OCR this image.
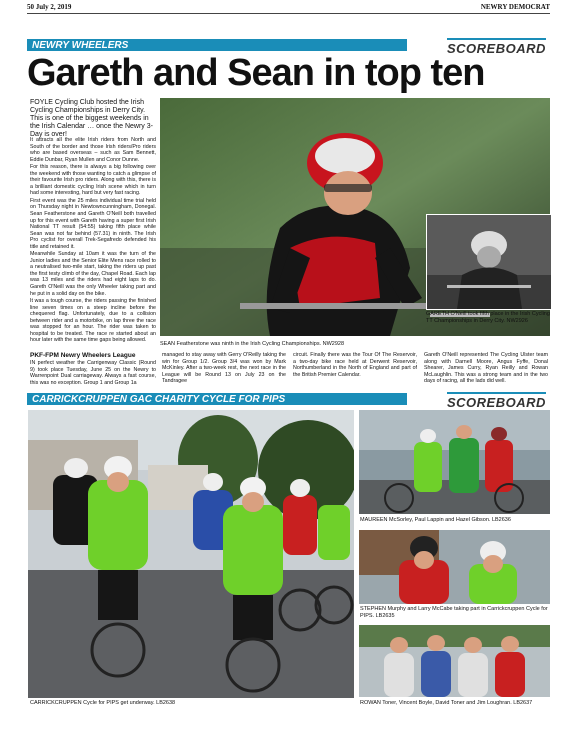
50 July 2, 2019	NEWRY DEMOCRAT
NEWRY WHEELERS	SCOREBOARD
Gareth and Sean in top ten
FOYLE Cycling Club hosted the Irish Cycling Championships in Derry City. This is one of the biggest weekends in the Irish Calendar … once the Newry 3-Day is over!

It attracts all the elite Irish riders from North and South of the border and those Irish riders/Pro riders who are based overseas – such as Sam Bennett, Eddie Dunbar, Ryan Mullen and Conor Dunne.

For this reason, there is always a big following over the weekend with those wanting to catch a glimpse of their favourite Irish pro riders. Along with this, there is a brilliant domestic cycling Irish scene which in turn had some interesting, hard but very fast racing.

First event was the 25 miles individual time trial held on Thursday night in Newtowncunningham, Donegal. Sean Featherstone and Gareth O'Neill both travelled up for this event with Gareth having a super first Irish National TT result (54:55) taking fifth place while Sean was not far behind (57.31) in ninth. The Irish Pro cyclist for overall Trek-Segafredo defended his title and retained it.

Meanwhile Sunday at 10am it was the turn of the Junior ladies and the Senior Elite Mens race rolled to a neutralised two-mile start, taking the riders up past the first testy climb of the day, Chapel Road. Each lap was 13 miles and the riders had eight laps to do. Gareth O'Neill was the only Wheeler taking part and he put in a solid day on the bike.

It was a tough course, the riders passing the finished line seven times on a steep incline before the chequered flag. Unfortunately, due to a collision between rider and a motorbike, on lap three the race was stopped for an hour. The rider was taken to hospital to be treated. The race re started about an hour later with the same time gaps being allowed.

GARETH O'Neill took fifth place in the Irish Cycling TT Championships in Derry City. NW2926
SEAN Featherstone was ninth in the Irish Cycling Championships. NW2928
PKF-FPM Newry Wheelers League
IN perfect weather the Carrigenway Classic (Round 9) took place Tuesday, June 25 on the Newry to Warrenpoint Dual carriageway. Always a fast course, this was no exception. Group 1 and Group 1a
managed to stay away with Gerry O'Reilly taking the win for Group 1/2. Group 3/4 was won by Mark McKinley. After a two-week rest, the next race in the League will be Round 13 on July 23 on the Tandragee
circuit. Finally there was the Tour Of The Reservoir, a two-day bike race held at Derwent Reservoir, Northumberland in the North of England and part of the British Premier Calendar.
Gareth O'Neill represented The Cycling Ulster team along with Darnell Moore, Angus Fyffe, Donal Shearer, James Curry, Ryan Reilly and Rowan McLaughlin. This was a strong team and in the two days of racing, all the lads did well.
CARRICKCRUPPEN GAC CHARITY CYCLE FOR PIPS	SCOREBOARD
CARRICKCRUPPEN Cycle for PIPS get underway. LB2638
MAUREEN McSorley, Paul Lappin and Hazel Gibson. LB2636
STEPHEN Murphy and Larry McCabe taking part in Carrickcruppen Cycle for PIPS. LB2635
ROWAN Toner, Vincent Boyle, David Toner and Jim Loughran. LB2637
